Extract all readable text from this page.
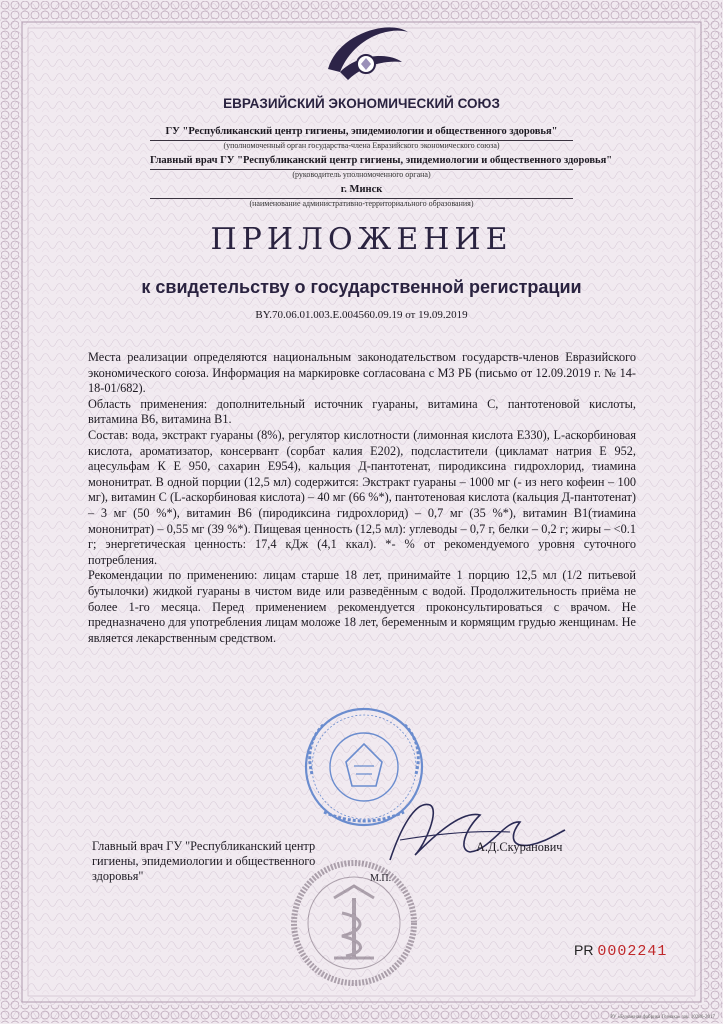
ЕВРАЗИЙСКИЙ ЭКОНОМИЧЕСКИЙ СОЮЗ
ГУ "Республиканский центр гигиены, эпидемиологии и общественного здоровья"
(уполномоченный орган государства-члена Евразийского экономического союза)
Главный врач ГУ "Республиканский центр гигиены, эпидемиологии и общественного здоровья"
(руководитель уполномоченного органа)
г. Минск
(наименование административно-территориального образования)
ПРИЛОЖЕНИЕ
к свидетельству о государственной регистрации
BY.70.06.01.003.E.004560.09.19 от 19.09.2019

Места реализации определяются национальным законодательством государств-членов Евразийского экономического союза. Информация на маркировке согласована с МЗ РБ (письмо от 12.09.2019 г. № 14-18-01/682).

Область применения: дополнительный источник гуараны, витамина С, пантотеновой кислоты, витамина В6, витамина В1.

Состав: вода, экстракт гуараны (8%), регулятор кислотности (лимонная кислота Е330), L-аскорбиновая кислота, ароматизатор, консервант (сорбат калия Е202), подсластители (цикламат натрия Е 952, ацесульфам К Е 950, сахарин Е954), кальция Д-пантотенат, пиродиксина гидрохлорид, тиамина мононитрат. В одной порции (12,5 мл) содержится: Экстракт гуараны – 1000 мг (- из него кофеин – 100 мг), витамин С (L-аскорбиновая кислота) – 40 мг (66 %*), пантотеновая кислота (кальция Д-пантотенат) – 3 мг (50 %*), витамин В6 (пиродиксина гидрохлорид) – 0,7 мг (35 %*), витамин В1(тиамина мононитрат) – 0,55 мг (39 %*). Пищевая ценность (12,5 мл): углеводы – 0,7 г, белки – 0,2 г; жиры – <0.1 г; энергетическая ценность: 17,4 кДж (4,1 ккал). *- % от рекомендуемого уровня суточного потребления.

Рекомендации по применению: лицам старше 18 лет, принимайте 1 порцию 12,5 мл (1/2 питьевой бутылочки) жидкой гуараны в чистом виде или разведённым с водой. Продолжительность приёма не более 1-го месяца. Перед применением рекомендуется проконсультироваться с врачом. Не предназначено для употребления лицам моложе 18 лет, беременным и кормящим грудью женщинам. Не является лекарственным средством.

Главный врач ГУ "Республиканский центр гигиены, эпидемиологии и общественного здоровья"
А.Д.Скуранович
М.П.
PR 0002241
РУ «Бумажная фабрика Гознака» зак. 10286-2017
